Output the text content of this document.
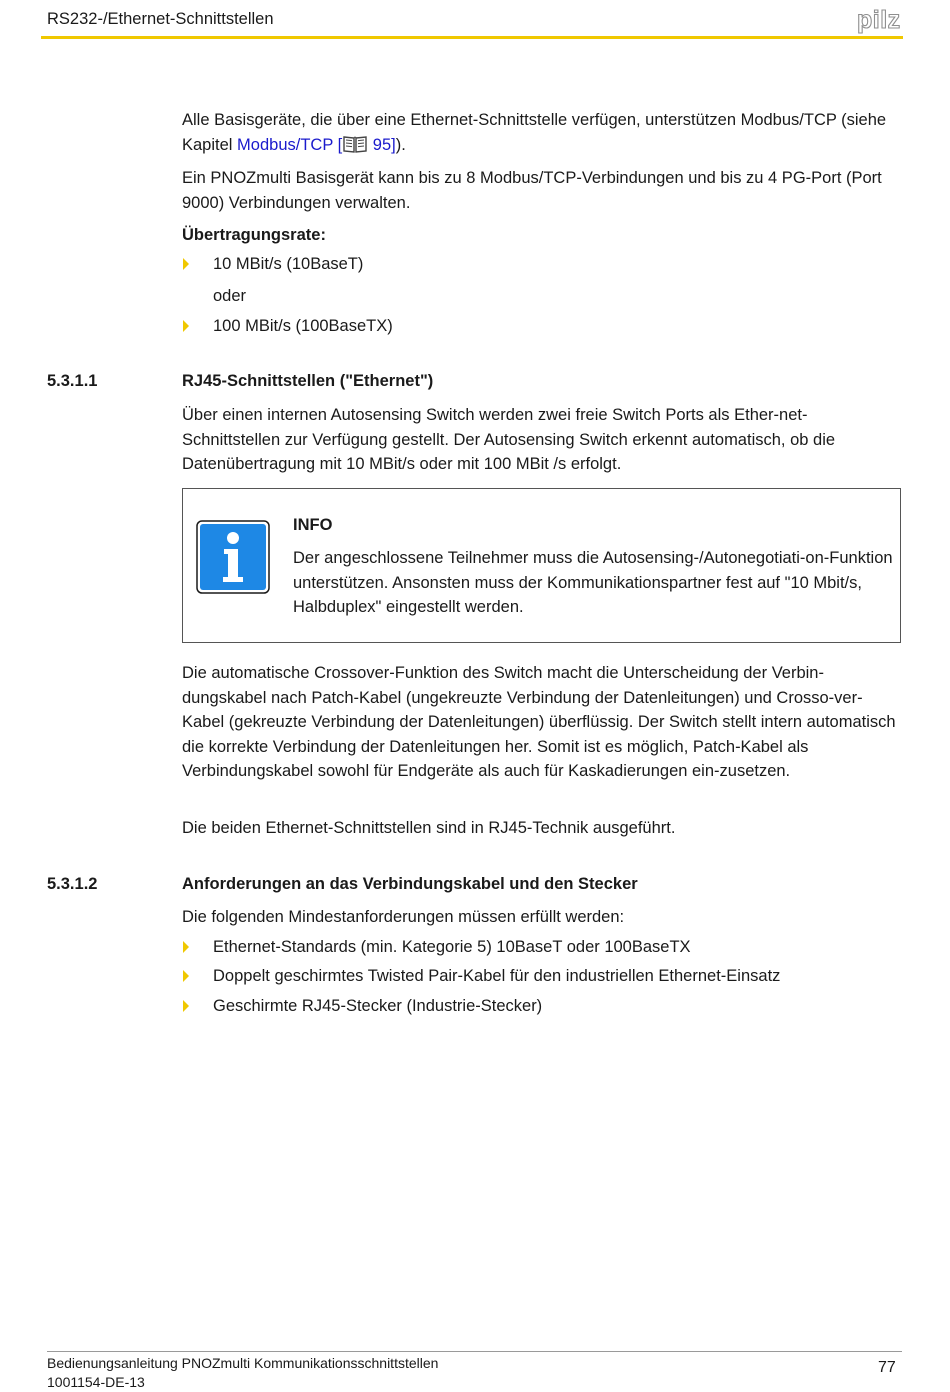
RS232-/Ethernet-Schnittstellen	pilz

Alle Basisgeräte, die über eine Ethernet-Schnittstelle verfügen, unterstützen Modbus/TCP (siehe Kapitel Modbus/TCP [ 95]).

Ein PNOZmulti Basisgerät kann bis zu 8 Modbus/TCP-Verbindungen und bis zu 4 PG-Port (Port 9000) Verbindungen verwalten.

Übertragungsrate:

10 MBit/s (10BaseT)
oder
100 MBit/s (100BaseTX)
5.3.1.1	RJ45-Schnittstellen ("Ethernet")

Über einen internen Autosensing Switch werden zwei freie Switch Ports als Ether-net-Schnittstellen zur Verfügung gestellt. Der Autosensing Switch erkennt automatisch, ob die Datenübertragung mit 10 MBit/s oder mit 100 MBit /s erfolgt.

INFO
Der angeschlossene Teilnehmer muss die Autosensing-/Autonegotiati-on-Funktion unterstützen. Ansonsten muss der Kommunikationspartner fest auf "10 Mbit/s, Halbduplex" eingestellt werden.

Die automatische Crossover-Funktion des Switch macht die Unterscheidung der Verbin-dungskabel nach Patch-Kabel (ungekreuzte Verbindung der Datenleitungen) und Crosso-ver-Kabel (gekreuzte Verbindung der Datenleitungen) überflüssig. Der Switch stellt intern automatisch die korrekte Verbindung der Datenleitungen her. Somit ist es möglich, Patch-Kabel als Verbindungskabel sowohl für Endgeräte als auch für Kaskadierungen ein-zusetzen.

Die beiden Ethernet-Schnittstellen sind in RJ45-Technik ausgeführt.

5.3.1.2	Anforderungen an das Verbindungskabel und den Stecker

Die folgenden Mindestanforderungen müssen erfüllt werden:

Ethernet-Standards (min. Kategorie 5) 10BaseT oder 100BaseTX
Doppelt geschirmtes Twisted Pair-Kabel für den industriellen Ethernet-Einsatz
Geschirmte RJ45-Stecker (Industrie-Stecker)
Bedienungsanleitung PNOZmulti Kommunikationsschnittstellen
1001154-DE-13
77
